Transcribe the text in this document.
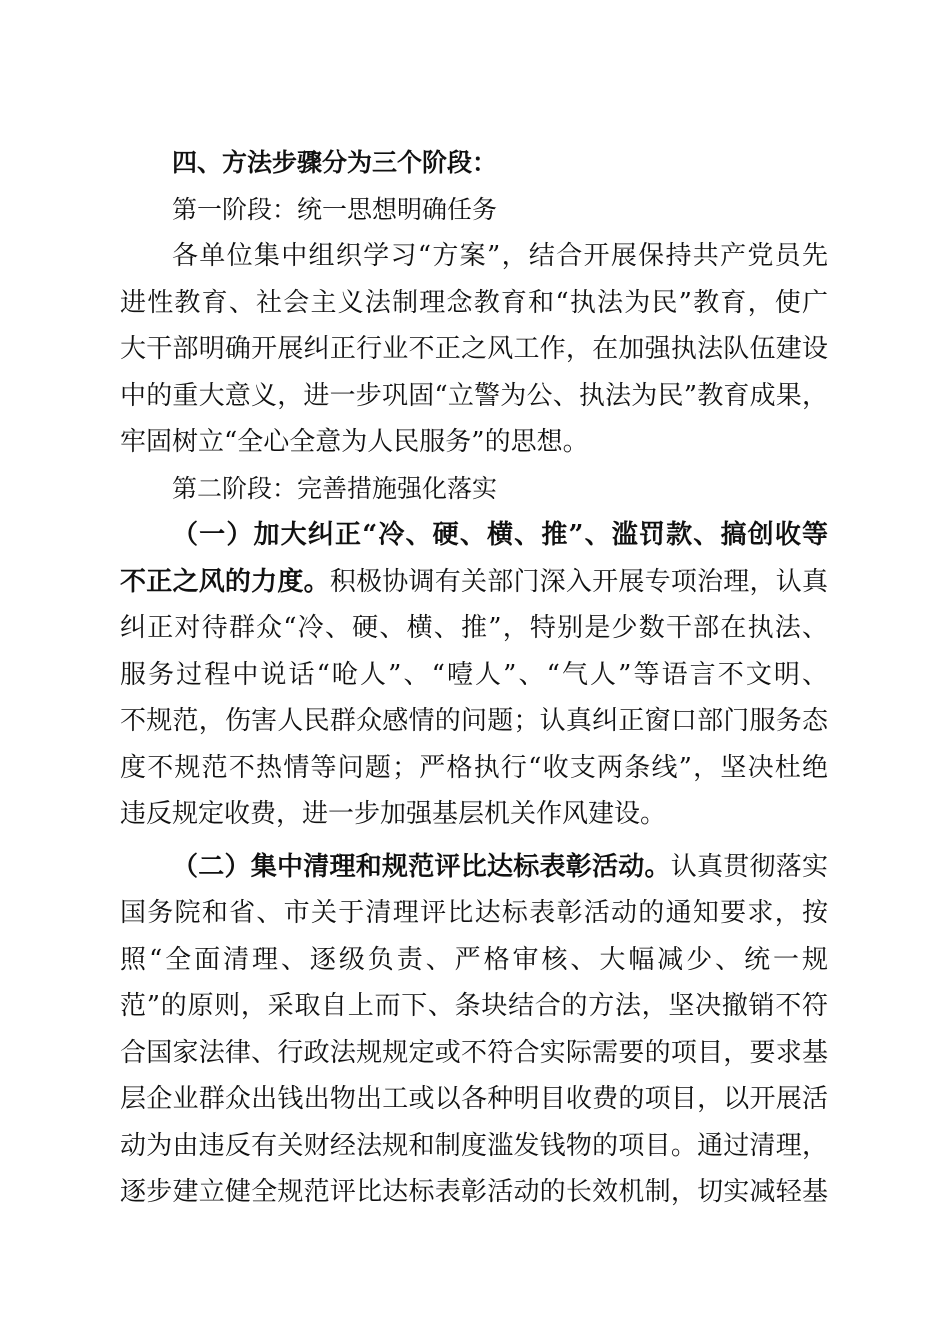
四、方法步骤分为三个阶段：
第一阶段：统一思想明确任务
各单位集中组织学习“方案”，结合开展保持共产党员先
进性教育、社会主义法制理念教育和“执法为民”教育，使广
大干部明确开展纠正行业不正之风工作，在加强执法队伍建设
中的重大意义，进一步巩固“立警为公、执法为民”教育成果，
牢固树立“全心全意为人民服务”的思想。
第二阶段：完善措施强化落实
（一）加大纠正“冷、硬、横、推”、滥罚款、搞创收等
不正之风的力度。积极协调有关部门深入开展专项治理，认真
纠正对待群众“冷、硬、横、推”，特别是少数干部在执法、
服务过程中说话“呛人”、“噎人”、“气人”等语言不文明、
不规范，伤害人民群众感情的问题；认真纠正窗口部门服务态
度不规范不热情等问题；严格执行“收支两条线”，坚决杜绝
违反规定收费，进一步加强基层机关作风建设。
（二）集中清理和规范评比达标表彰活动。认真贯彻落实
国务院和省、市关于清理评比达标表彰活动的通知要求，按
照“全面清理、逐级负责、严格审核、大幅减少、统一规
范”的原则，采取自上而下、条块结合的方法，坚决撤销不符
合国家法律、行政法规规定或不符合实际需要的项目，要求基
层企业群众出钱出物出工或以各种明目收费的项目，以开展活
动为由违反有关财经法规和制度滥发钱物的项目。通过清理，
逐步建立健全规范评比达标表彰活动的长效机制，切实减轻基
